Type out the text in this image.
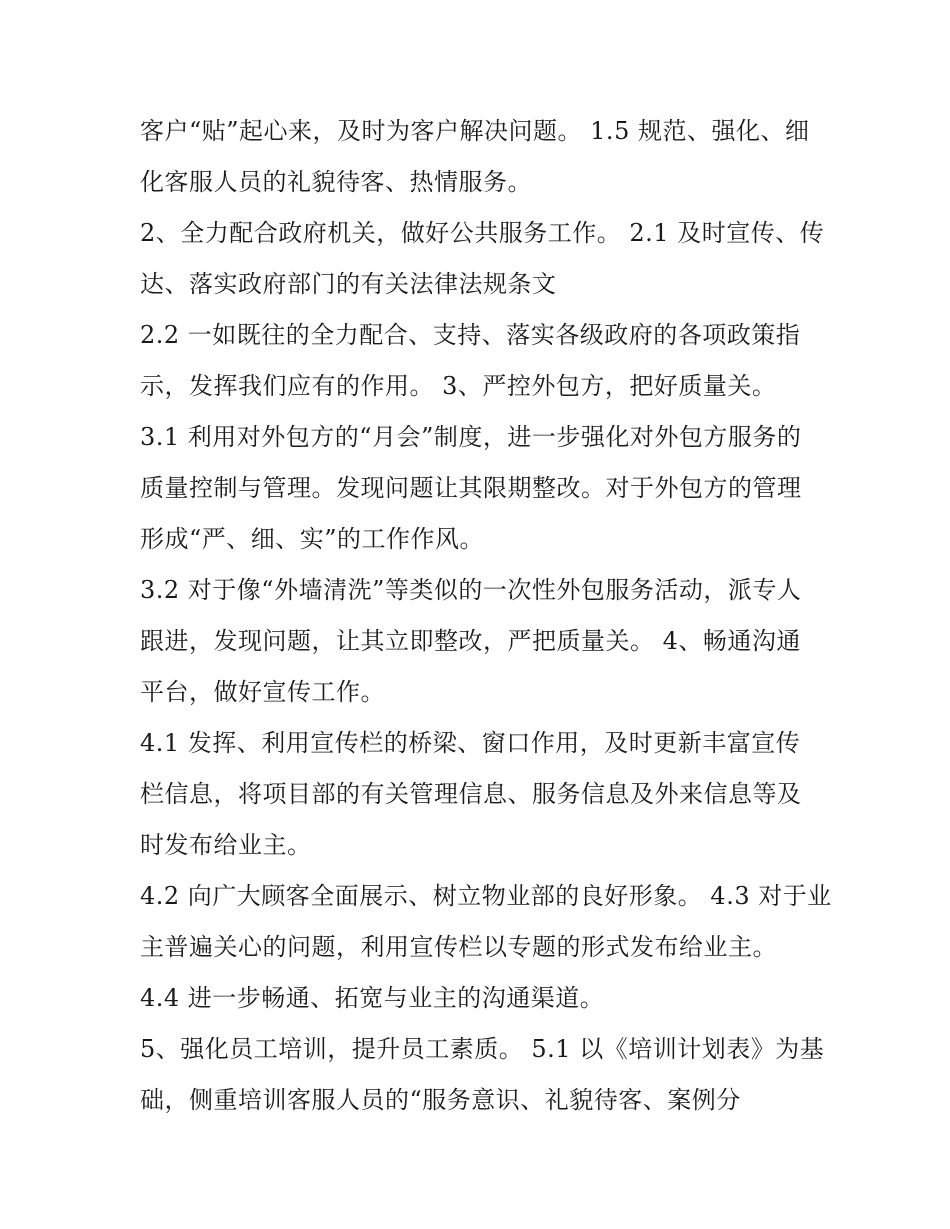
客户“贴”起心来，及时为客户解决问题。 1.5 规范、强化、细
化客服人员的礼貌待客、热情服务。
2、全力配合政府机关，做好公共服务工作。 2.1 及时宣传、传
达、落实政府部门的有关法律法规条文
2.2 一如既往的全力配合、支持、落实各级政府的各项政策指
示，发挥我们应有的作用。 3、严控外包方，把好质量关。
3.1 利用对外包方的“月会”制度，进一步强化对外包方服务的
质量控制与管理。发现问题让其限期整改。对于外包方的管理
形成“严、细、实”的工作作风。
3.2 对于像“外墙清洗”等类似的一次性外包服务活动，派专人
跟进，发现问题，让其立即整改，严把质量关。 4、畅通沟通
平台，做好宣传工作。
4.1 发挥、利用宣传栏的桥梁、窗口作用，及时更新丰富宣传
栏信息，将项目部的有关管理信息、服务信息及外来信息等及
时发布给业主。
4.2 向广大顾客全面展示、树立物业部的良好形象。 4.3 对于业
主普遍关心的问题，利用宣传栏以专题的形式发布给业主。
4.4 进一步畅通、拓宽与业主的沟通渠道。
5、强化员工培训，提升员工素质。 5.1 以《培训计划表》为基
础，侧重培训客服人员的“服务意识、礼貌待客、案例分
